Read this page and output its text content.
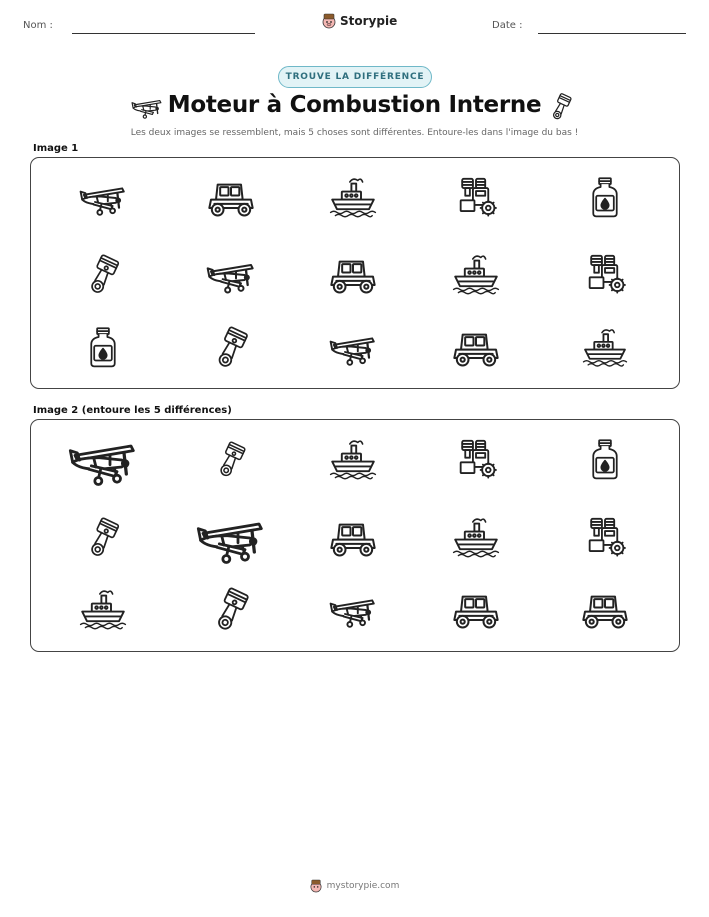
Nom :	Storypie	Date :
TROUVE LA DIFFÉRENCE
Moteur à Combustion Interne
Les deux images se ressemblent, mais 5 choses sont différentes. Entoure-les dans l'image du bas !
Image 1
Image 2 (entoure les 5 différences)
mystorypie.com
